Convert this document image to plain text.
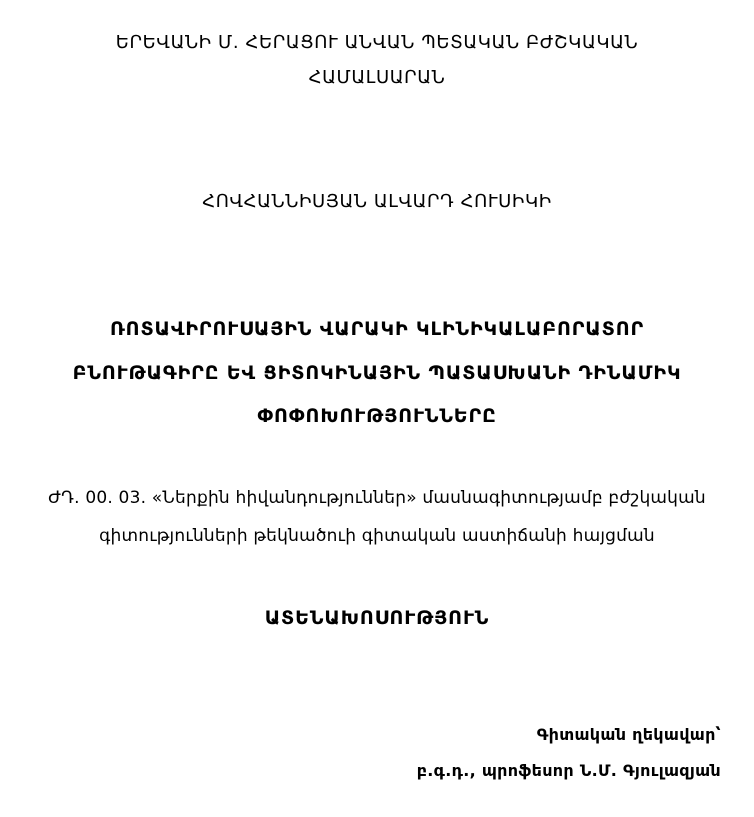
ԵՐԵՎԱՆԻ Մ. ՀԵՐԱՑՈՒ ԱՆՎԱՆ ՊԵՏԱԿԱՆ ԲԺՇԿԱԿԱՆ
ՀԱՄԱԼՍԱՐԱՆ
ՀՈՎՀԱՆՆԻՍՅԱՆ ԱԼՎԱՐԴ ՀՈՒՍԻԿԻ
ՌՈՏԱՎԻՐՈՒՍԱՅԻՆ ՎԱՐԱԿԻ ԿԼԻՆԻԿԱԼԱԲՈՐԱՏՈՐ
ԲՆՈՒԹԱԳԻՐԸ ԵՎ ՑԻՏՈԿԻՆԱՅԻՆ ՊԱՏԱՍԽԱՆԻ ԴԻՆԱՄԻԿ
ՓՈՓՈԽՈՒԹՅՈՒՆՆԵՐԸ
ԺԴ. 00. 03. «Ներքին հիվանդություններ» մասնագիտությամբ բժշկական
գիտությունների թեկնածուի գիտական աստիճանի հայցման
ԱՏԵՆԱԽՈՍՈՒԹՅՈՒՆ
Գիտական ղեկավար՝
բ.գ.դ., պրոֆեսոր Ն.Մ. Գյուլազյան
